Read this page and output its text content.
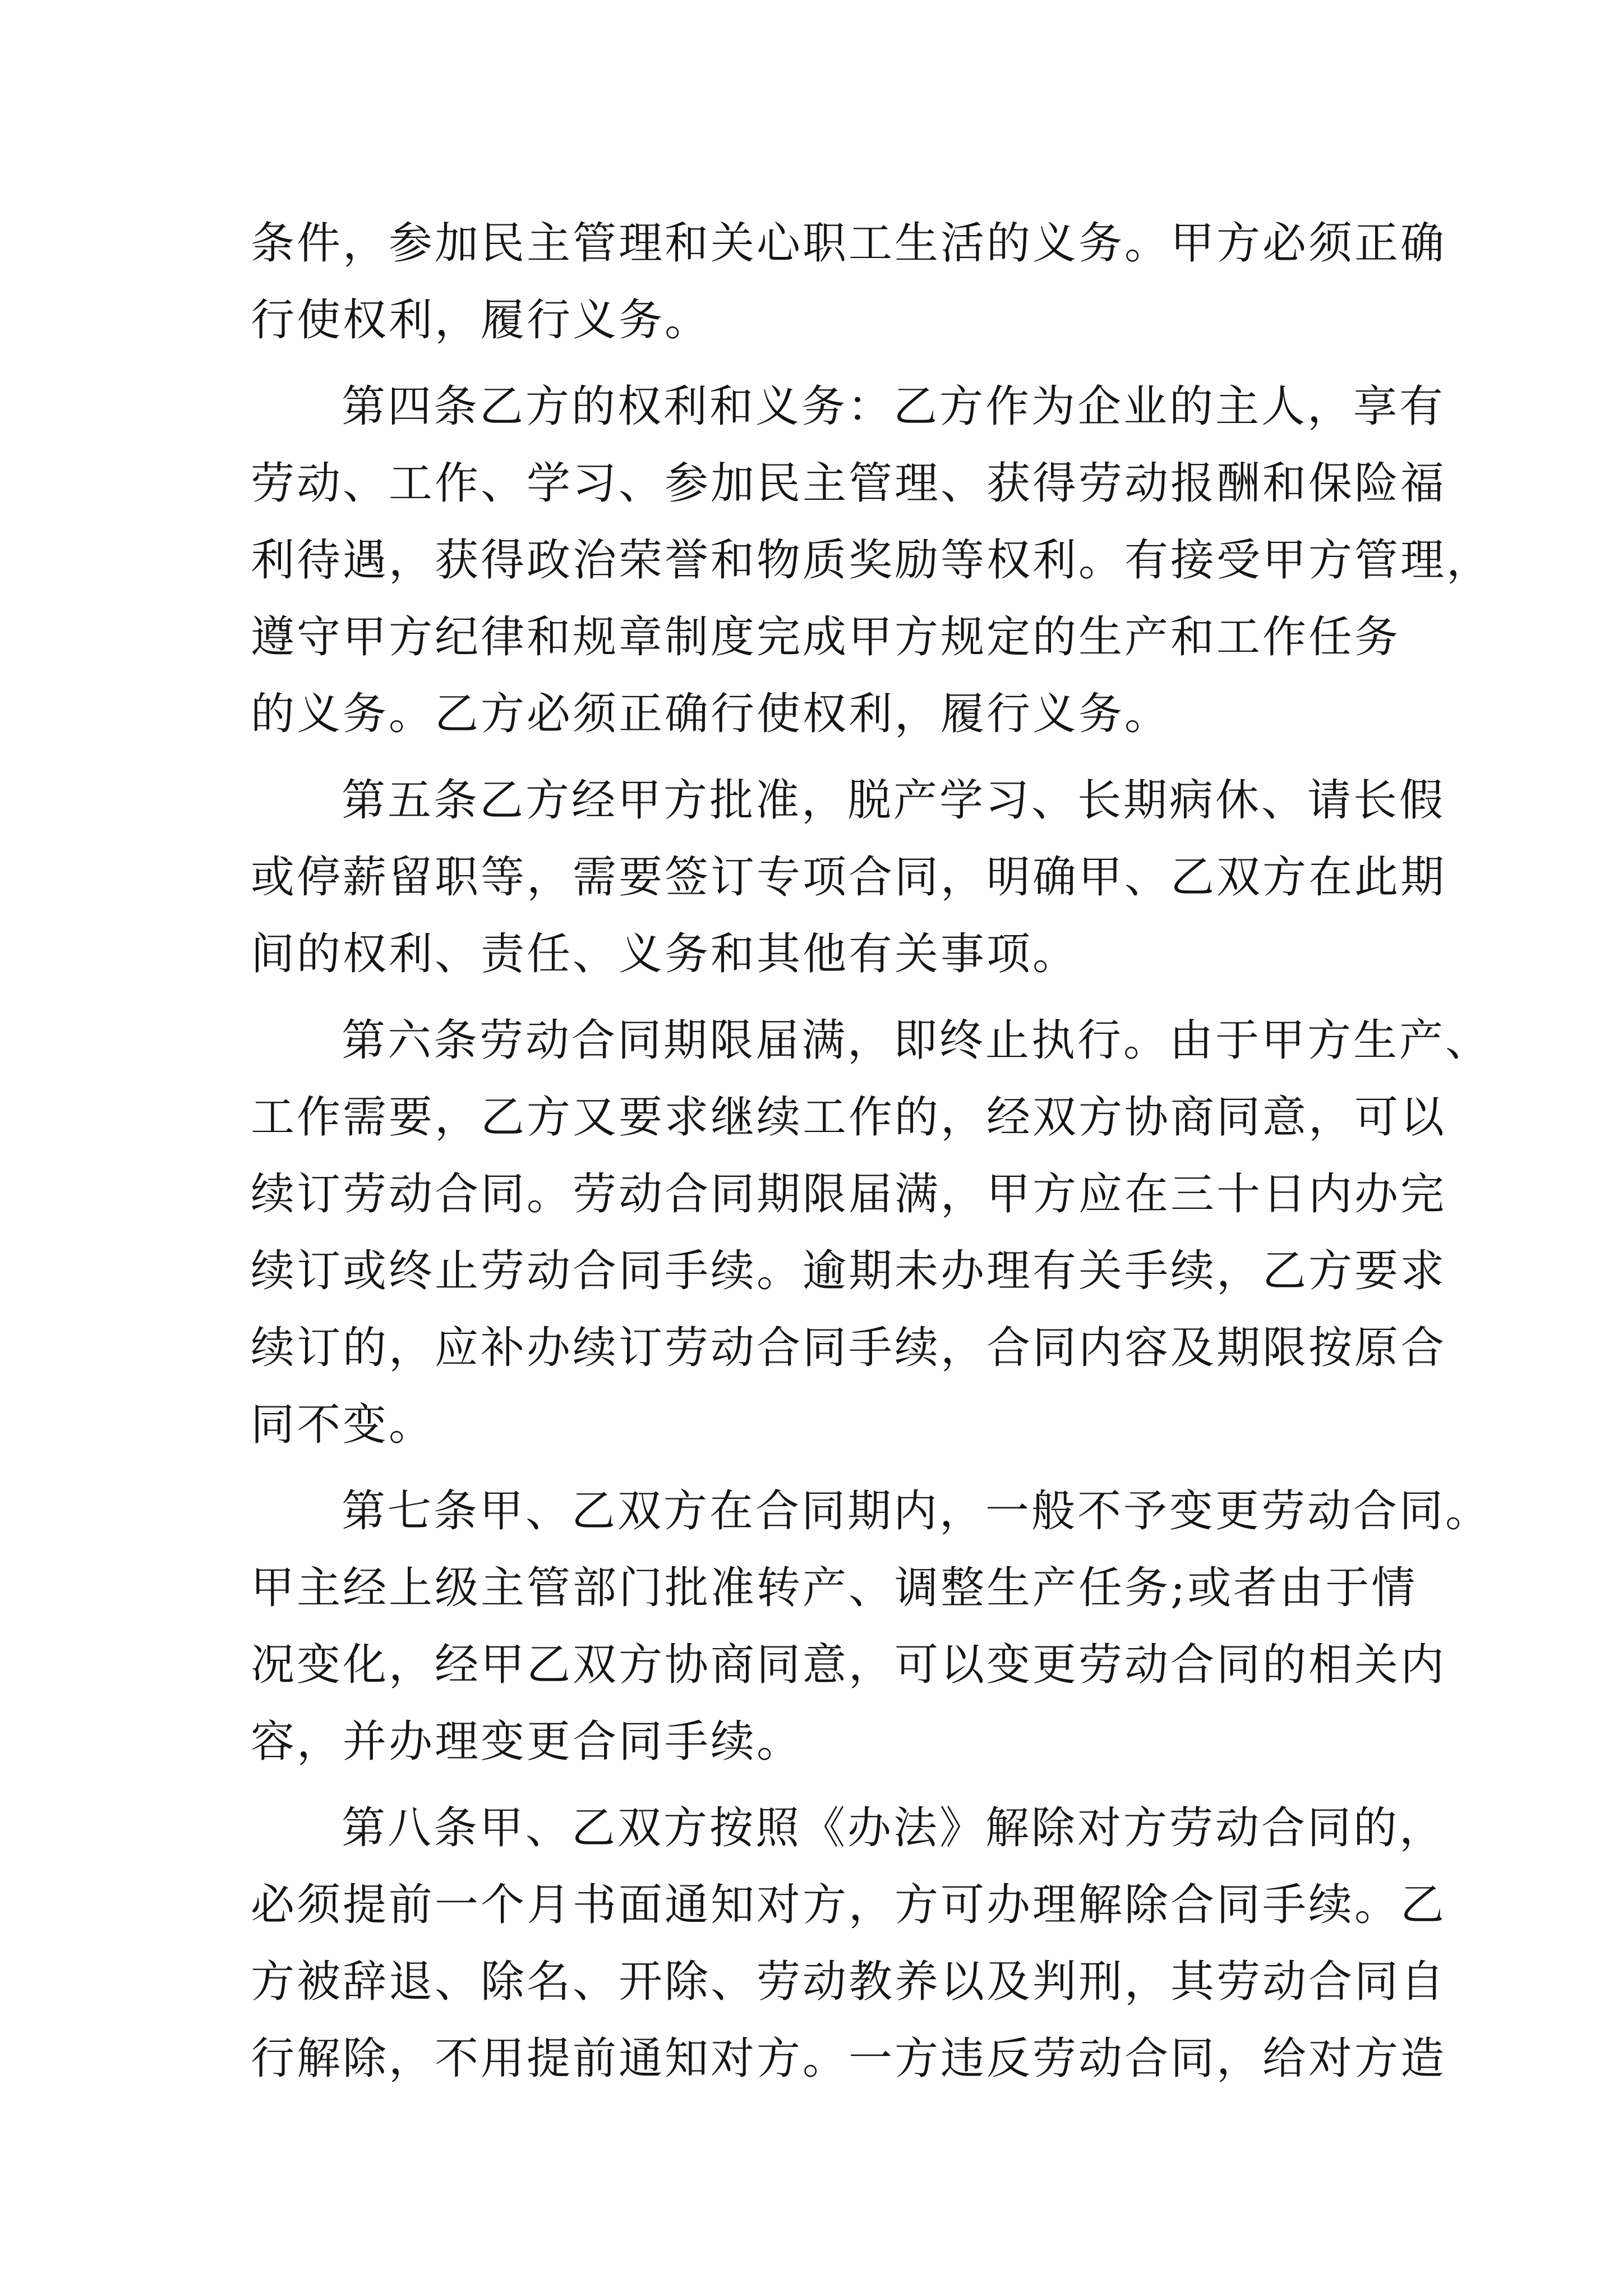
条件，参加民主管理和关心职工生活的义务。甲方必须正确
行使权利，履行义务。
第四条乙方的权利和义务：乙方作为企业的主人，享有
劳动、工作、学习、参加民主管理、获得劳动报酬和保险福
利待遇，获得政治荣誉和物质奖励等权利。有接受甲方管理，
遵守甲方纪律和规章制度完成甲方规定的生产和工作任务
的义务。乙方必须正确行使权利，履行义务。
第五条乙方经甲方批准，脱产学习、长期病休、请长假
或停薪留职等，需要签订专项合同，明确甲、乙双方在此期
间的权利、责任、义务和其他有关事项。
第六条劳动合同期限届满，即终止执行。由于甲方生产、
工作需要，乙方又要求继续工作的，经双方协商同意，可以
续订劳动合同。劳动合同期限届满，甲方应在三十日内办完
续订或终止劳动合同手续。逾期未办理有关手续，乙方要求
续订的，应补办续订劳动合同手续，合同内容及期限按原合
同不变。
第七条甲、乙双方在合同期内，一般不予变更劳动合同。
甲主经上级主管部门批准转产、调整生产任务;或者由于情
况变化，经甲乙双方协商同意，可以变更劳动合同的相关内
容，并办理变更合同手续。
第八条甲、乙双方按照《办法》解除对方劳动合同的，
必须提前一个月书面通知对方，方可办理解除合同手续。乙
方被辞退、除名、开除、劳动教养以及判刑，其劳动合同自
行解除，不用提前通知对方。一方违反劳动合同，给对方造
